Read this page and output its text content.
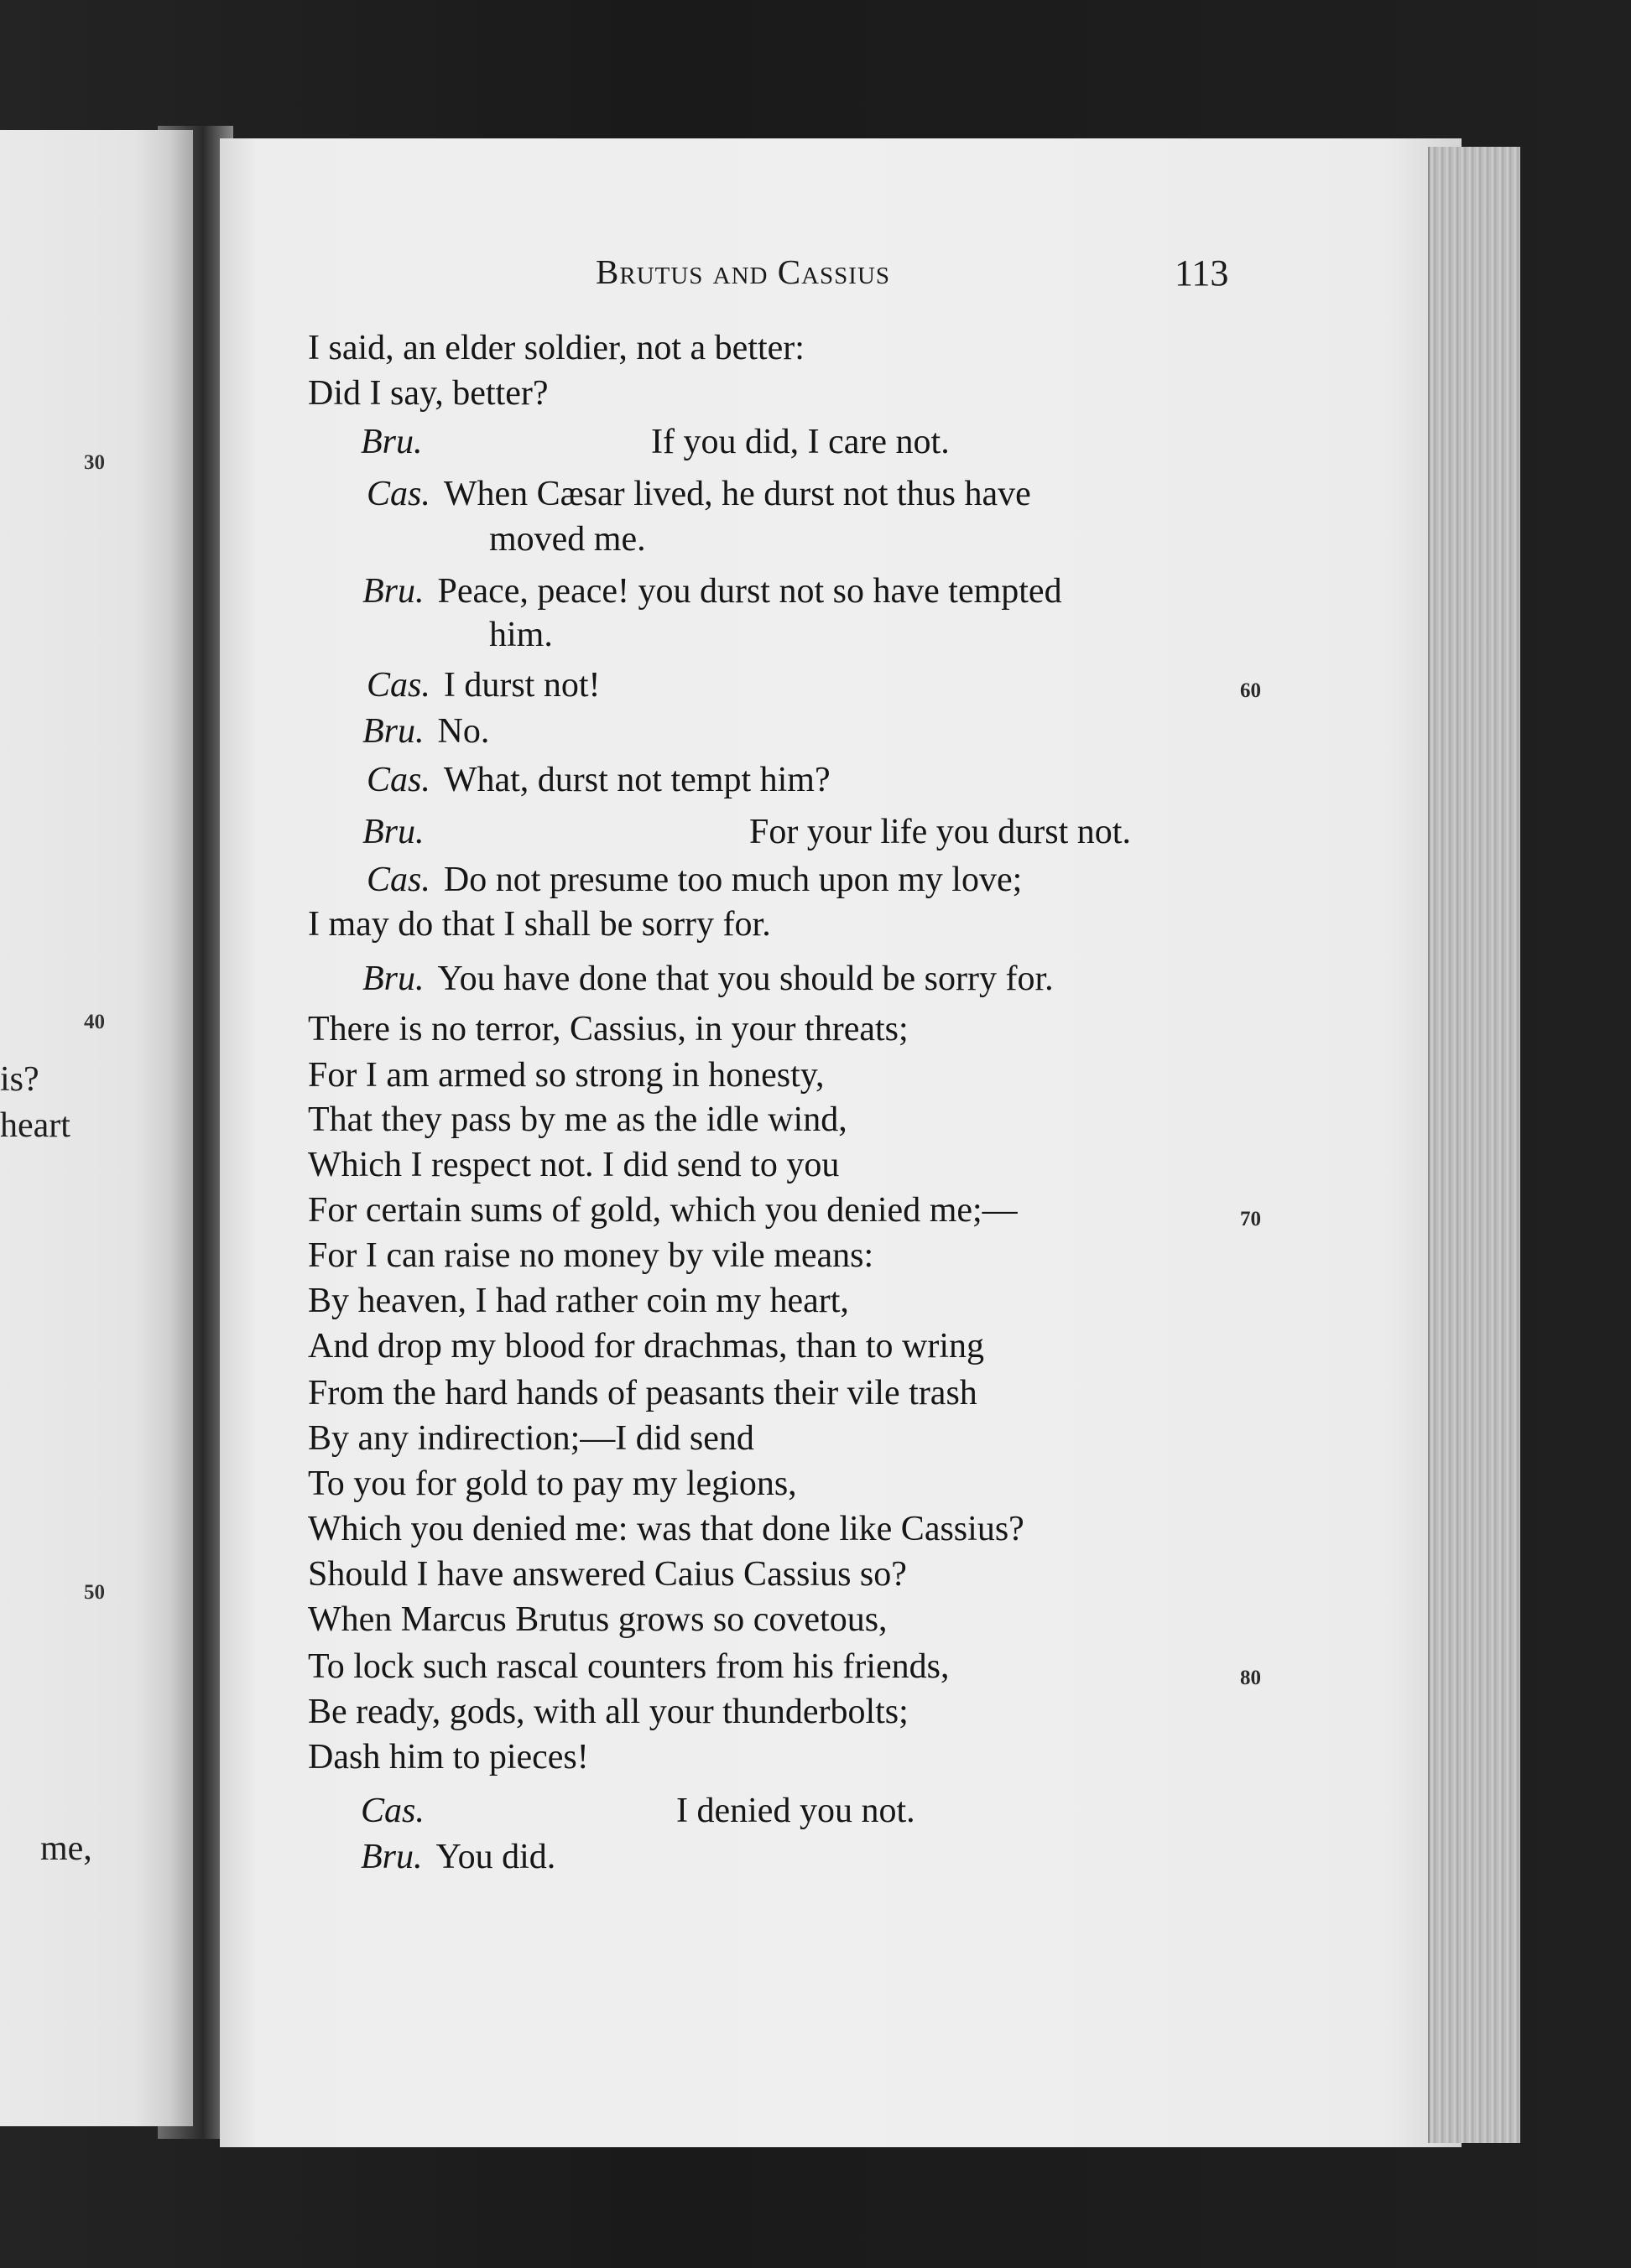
30
40
50
is?
heart
me,
Brutus and Cassius	113
I said, an elder soldier, not a better:
Did I say, better?
Bru.	If you did, I care not.
Cas. When Cæsar lived, he durst not thus have
moved me.
Bru. Peace, peace! you durst not so have tempted
him.
Cas. I durst not!
Bru. No.
Cas. What, durst not tempt him?
Bru.	For your life you durst not.
Cas. Do not presume too much upon my love;
I may do that I shall be sorry for.
Bru. You have done that you should be sorry for.
There is no terror, Cassius, in your threats;
For I am armed so strong in honesty,
That they pass by me as the idle wind,
Which I respect not. I did send to you
For certain sums of gold, which you denied me;—
For I can raise no money by vile means:
By heaven, I had rather coin my heart,
And drop my blood for drachmas, than to wring
From the hard hands of peasants their vile trash
By any indirection;—I did send
To you for gold to pay my legions,
Which you denied me: was that done like Cassius?
Should I have answered Caius Cassius so?
When Marcus Brutus grows so covetous,
To lock such rascal counters from his friends,
Be ready, gods, with all your thunderbolts;
Dash him to pieces!
Cas.	I denied you not.
Bru. You did.
60
70
80
